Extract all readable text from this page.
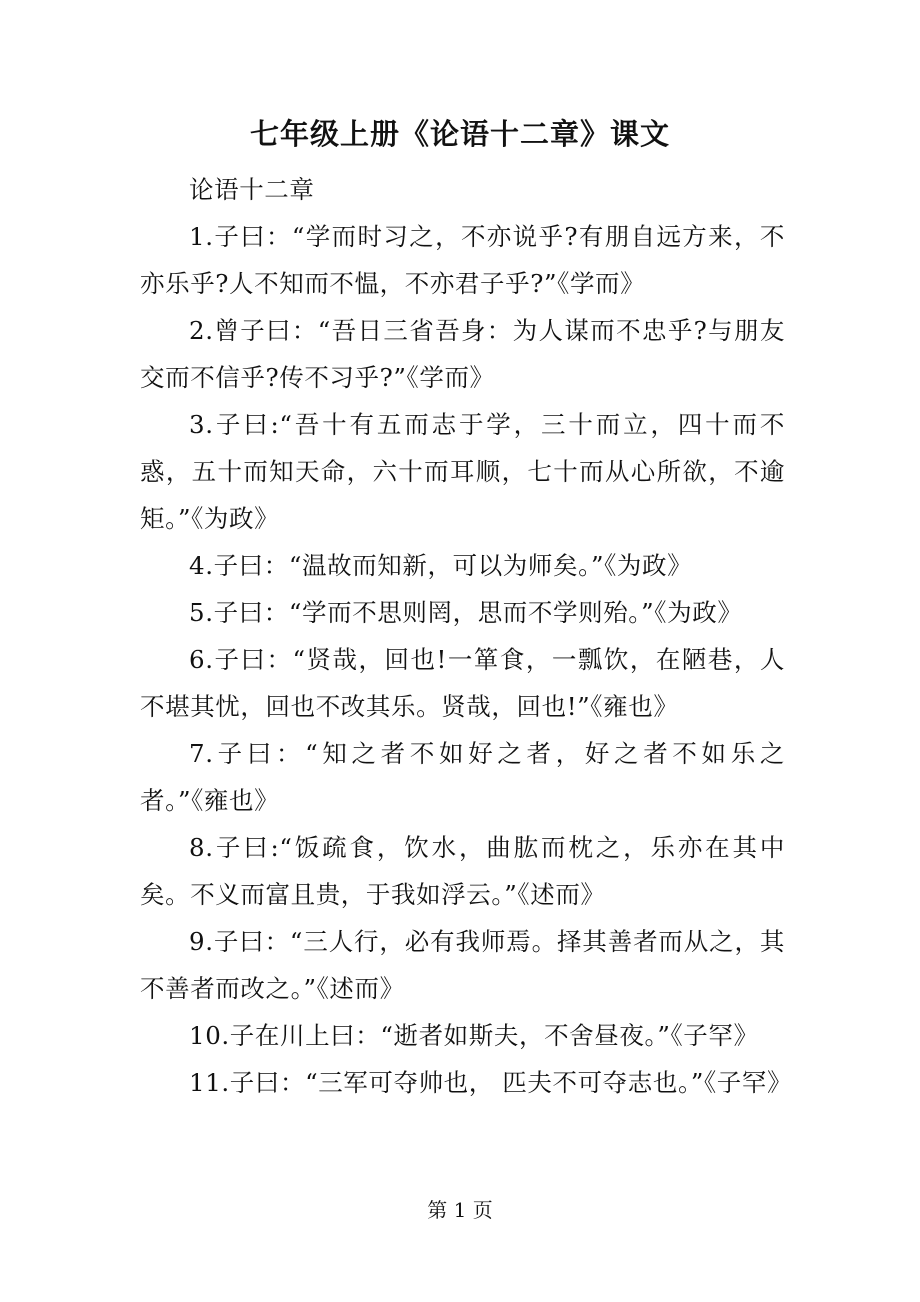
七年级上册《论语十二章》课文

论语十二章

1.子曰：“学而时习之，不亦说乎?有朋自远方来，不亦乐乎?人不知而不愠，不亦君子乎?”《学而》

2.曾子曰：“吾日三省吾身：为人谋而不忠乎?与朋友交而不信乎?传不习乎?”《学而》

3.子曰:“吾十有五而志于学，三十而立，四十而不惑，五十而知天命，六十而耳顺，七十而从心所欲，不逾矩。”《为政》

4.子曰：“温故而知新，可以为师矣。”《为政》

5.子曰：“学而不思则罔，思而不学则殆。”《为政》

6.子曰：“贤哉，回也!一箪食，一瓢饮，在陋巷，人不堪其忧，回也不改其乐。贤哉，回也!”《雍也》

7.子曰：“知之者不如好之者，好之者不如乐之者。”《雍也》

8.子曰:“饭疏食，饮水，曲肱而枕之，乐亦在其中矣。不义而富且贵，于我如浮云。”《述而》

9.子曰：“三人行，必有我师焉。择其善者而从之，其不善者而改之。”《述而》

10.子在川上曰：“逝者如斯夫，不舍昼夜。”《子罕》

11.子曰：“三军可夺帅也， 匹夫不可夺志也。”《子罕》

第 1 页
